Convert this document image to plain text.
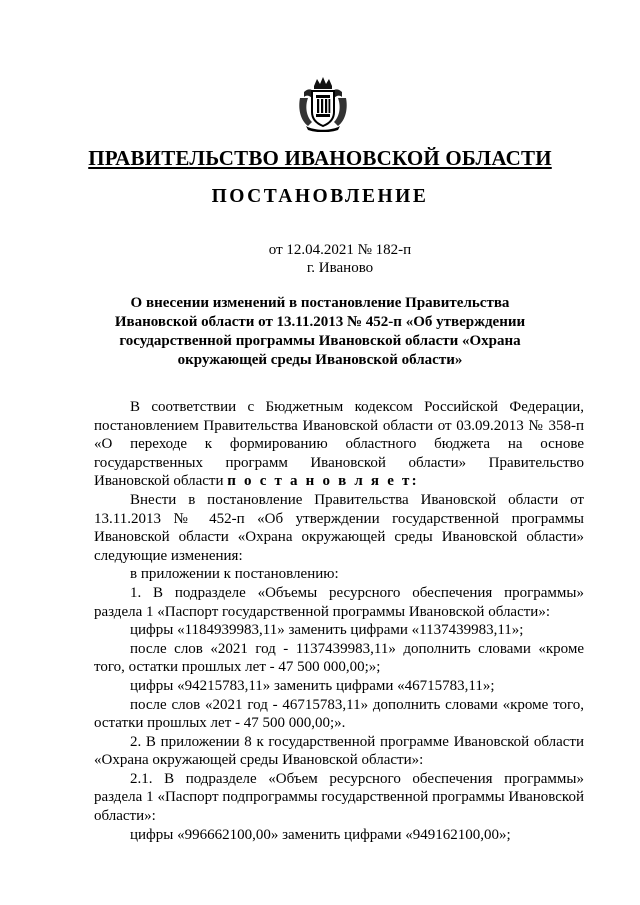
ПРАВИТЕЛЬСТВО ИВАНОВСКОЙ ОБЛАСТИ
ПОСТАНОВЛЕНИЕ
от 12.04.2021 № 182-п
г. Иваново
О внесении изменений в постановление Правительства Ивановской области от 13.11.2013 № 452-п «Об утверждении государственной программы Ивановской области «Охрана окружающей среды Ивановской области»

В соответствии с Бюджетным кодексом Российской Федерации, постановлением Правительства Ивановской области от 03.09.2013 № 358-п «О переходе к формированию областного бюджета на основе государственных программ Ивановской области» Правительство Ивановской области п о с т а н о в л я е т:

Внести в постановление Правительства Ивановской области от 13.11.2013 № 452-п «Об утверждении государственной программы Ивановской области «Охрана окружающей среды Ивановской области» следующие изменения:

в приложении к постановлению:

1. В подразделе «Объемы ресурсного обеспечения программы» раздела 1 «Паспорт государственной программы Ивановской области»:

цифры «1184939983,11» заменить цифрами «1137439983,11»;

после слов «2021 год - 1137439983,11» дополнить словами «кроме того, остатки прошлых лет - 47 500 000,00;»;

цифры «94215783,11» заменить цифрами «46715783,11»;

после слов «2021 год - 46715783,11» дополнить словами «кроме того, остатки прошлых лет - 47 500 000,00;».

2. В приложении 8 к государственной программе Ивановской области «Охрана окружающей среды Ивановской области»:

2.1. В подразделе «Объем ресурсного обеспечения программы» раздела 1 «Паспорт подпрограммы государственной программы Ивановской области»:

цифры «996662100,00» заменить цифрами «949162100,00»;
